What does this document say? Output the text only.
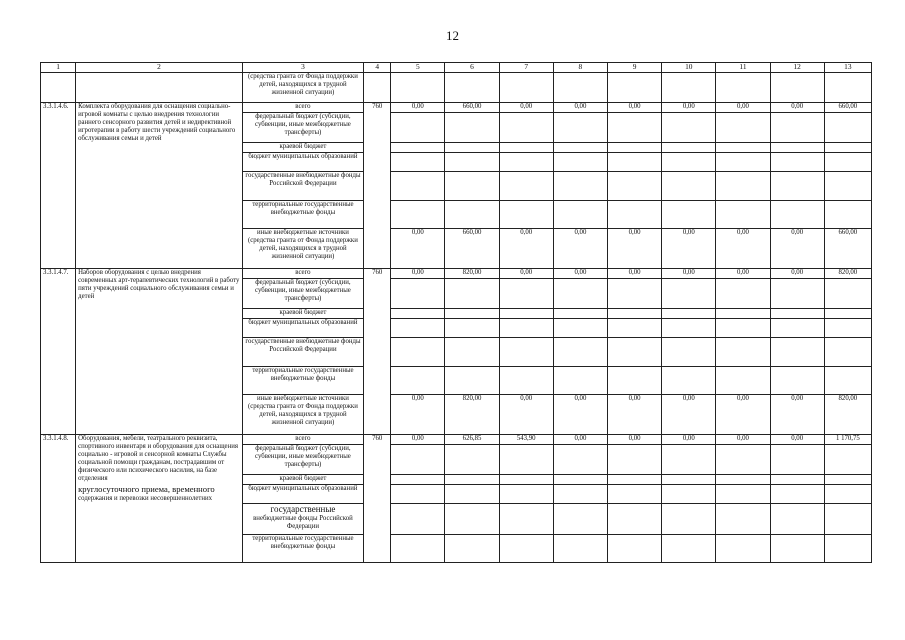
12
1	2	3	4	5	6	7	8	9	10	11	12	13
		(средства гранта от Фонда поддержки детей, находящихся в трудной жизненной ситуации)										
3.3.1.4.6.	Комплекта оборудования для оснащения социально-игровой комнаты с целью внедрения технологии раннего сенсорного развития детей и недирективной игротерапии в работу шести учреждений социального обслуживания семьи и детей	всего	760	0,00	660,00	0,00	0,00	0,00	0,00	0,00	0,00	660,00
		федеральный бюджет (субсидии, субвенции, иные межбюджетные трансферты)										
		краевой бюджет										
		бюджет муниципальных образований										
		государственные внебюджетные фонды Российской Федерации										
		территориальные государственные внебюджетные фонды										
		иные внебюджетные источники (средства гранта от Фонда поддержки детей, находящихся в трудной жизненной ситуации)		0,00	660,00	0,00	0,00	0,00	0,00	0,00	0,00	660,00
3.3.1.4.7.	Наборов оборудования с целью внедрения современных арт-терапевтических технологий в работу пяти учреждений социального обслуживания семьи и детей	всего	760	0,00	820,00	0,00	0,00	0,00	0,00	0,00	0,00	820,00
		федеральный бюджет (субсидии, субвенции, иные межбюджетные трансферты)										
		краевой бюджет										
		бюджет муниципальных образований										
		государственные внебюджетные фонды Российской Федерации										
		территориальные государственные внебюджетные фонды										
		иные внебюджетные источники (средства гранта от Фонда поддержки детей, находящихся в трудной жизненной ситуации)		0,00	820,00	0,00	0,00	0,00	0,00	0,00	0,00	820,00
3.3.1.4.8.	Оборудования, мебели, театрального реквизита, спортивного инвентаря и оборудования для оснащения социально - игровой и сенсорной комнаты Службы социальной помощи гражданам, пострадавшим от физического или психического насилия, на базе отделения
круглосуточного приема, временного
содержания и перевозки несовершеннолетних	всего	760	0,00	626,85	543,90	0,00	0,00	0,00	0,00	0,00	1 170,75
		федеральный бюджет (субсидии, субвенции, иные межбюджетные трансферты)										
		краевой бюджет										
		бюджет муниципальных образований										
		государственные
внебюджетные фонды Российской Федерации										
		территориальные государственные внебюджетные фонды										
